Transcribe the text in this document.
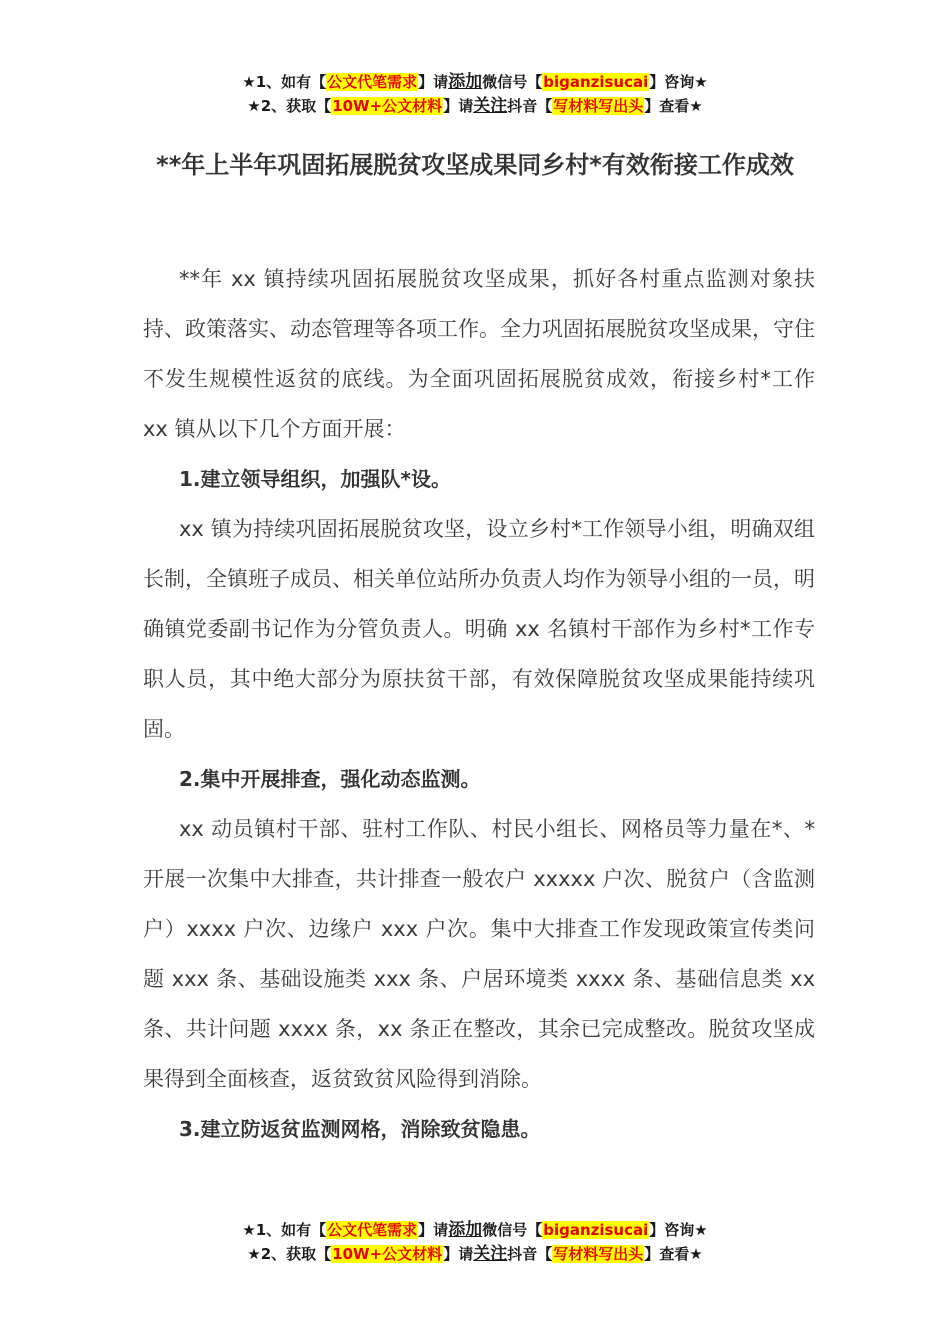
★1、如有【公文代笔需求】请添加微信号【biganzisucai】咨询★
★2、获取【10W+公文材料】请关注抖音【写材料写出头】查看★
**年上半年巩固拓展脱贫攻坚成果同乡村*有效衔接工作成效

**年 xx 镇持续巩固拓展脱贫攻坚成果，抓好各村重点监测对象扶持、政策落实、动态管理等各项工作。全力巩固拓展脱贫攻坚成果，守住不发生规模性返贫的底线。为全面巩固拓展脱贫成效，衔接乡村*工作 xx 镇从以下几个方面开展：

1.建立领导组织，加强队*设。

xx 镇为持续巩固拓展脱贫攻坚，设立乡村*工作领导小组，明确双组长制，全镇班子成员、相关单位站所办负责人均作为领导小组的一员，明确镇党委副书记作为分管负责人。明确 xx 名镇村干部作为乡村*工作专职人员，其中绝大部分为原扶贫干部，有效保障脱贫攻坚成果能持续巩固。

2.集中开展排查，强化动态监测。

xx 动员镇村干部、驻村工作队、村民小组长、网格员等力量在*、*开展一次集中大排查，共计排查一般农户 xxxxx 户次、脱贫户（含监测户）xxxx 户次、边缘户 xxx 户次。集中大排查工作发现政策宣传类问题 xxx 条、基础设施类 xxx 条、户居环境类 xxxx 条、基础信息类 xx 条、共计问题 xxxx 条，xx 条正在整改，其余已完成整改。脱贫攻坚成果得到全面核查，返贫致贫风险得到消除。

3.建立防返贫监测网格，消除致贫隐患。

★1、如有【公文代笔需求】请添加微信号【biganzisucai】咨询★
★2、获取【10W+公文材料】请关注抖音【写材料写出头】查看★
